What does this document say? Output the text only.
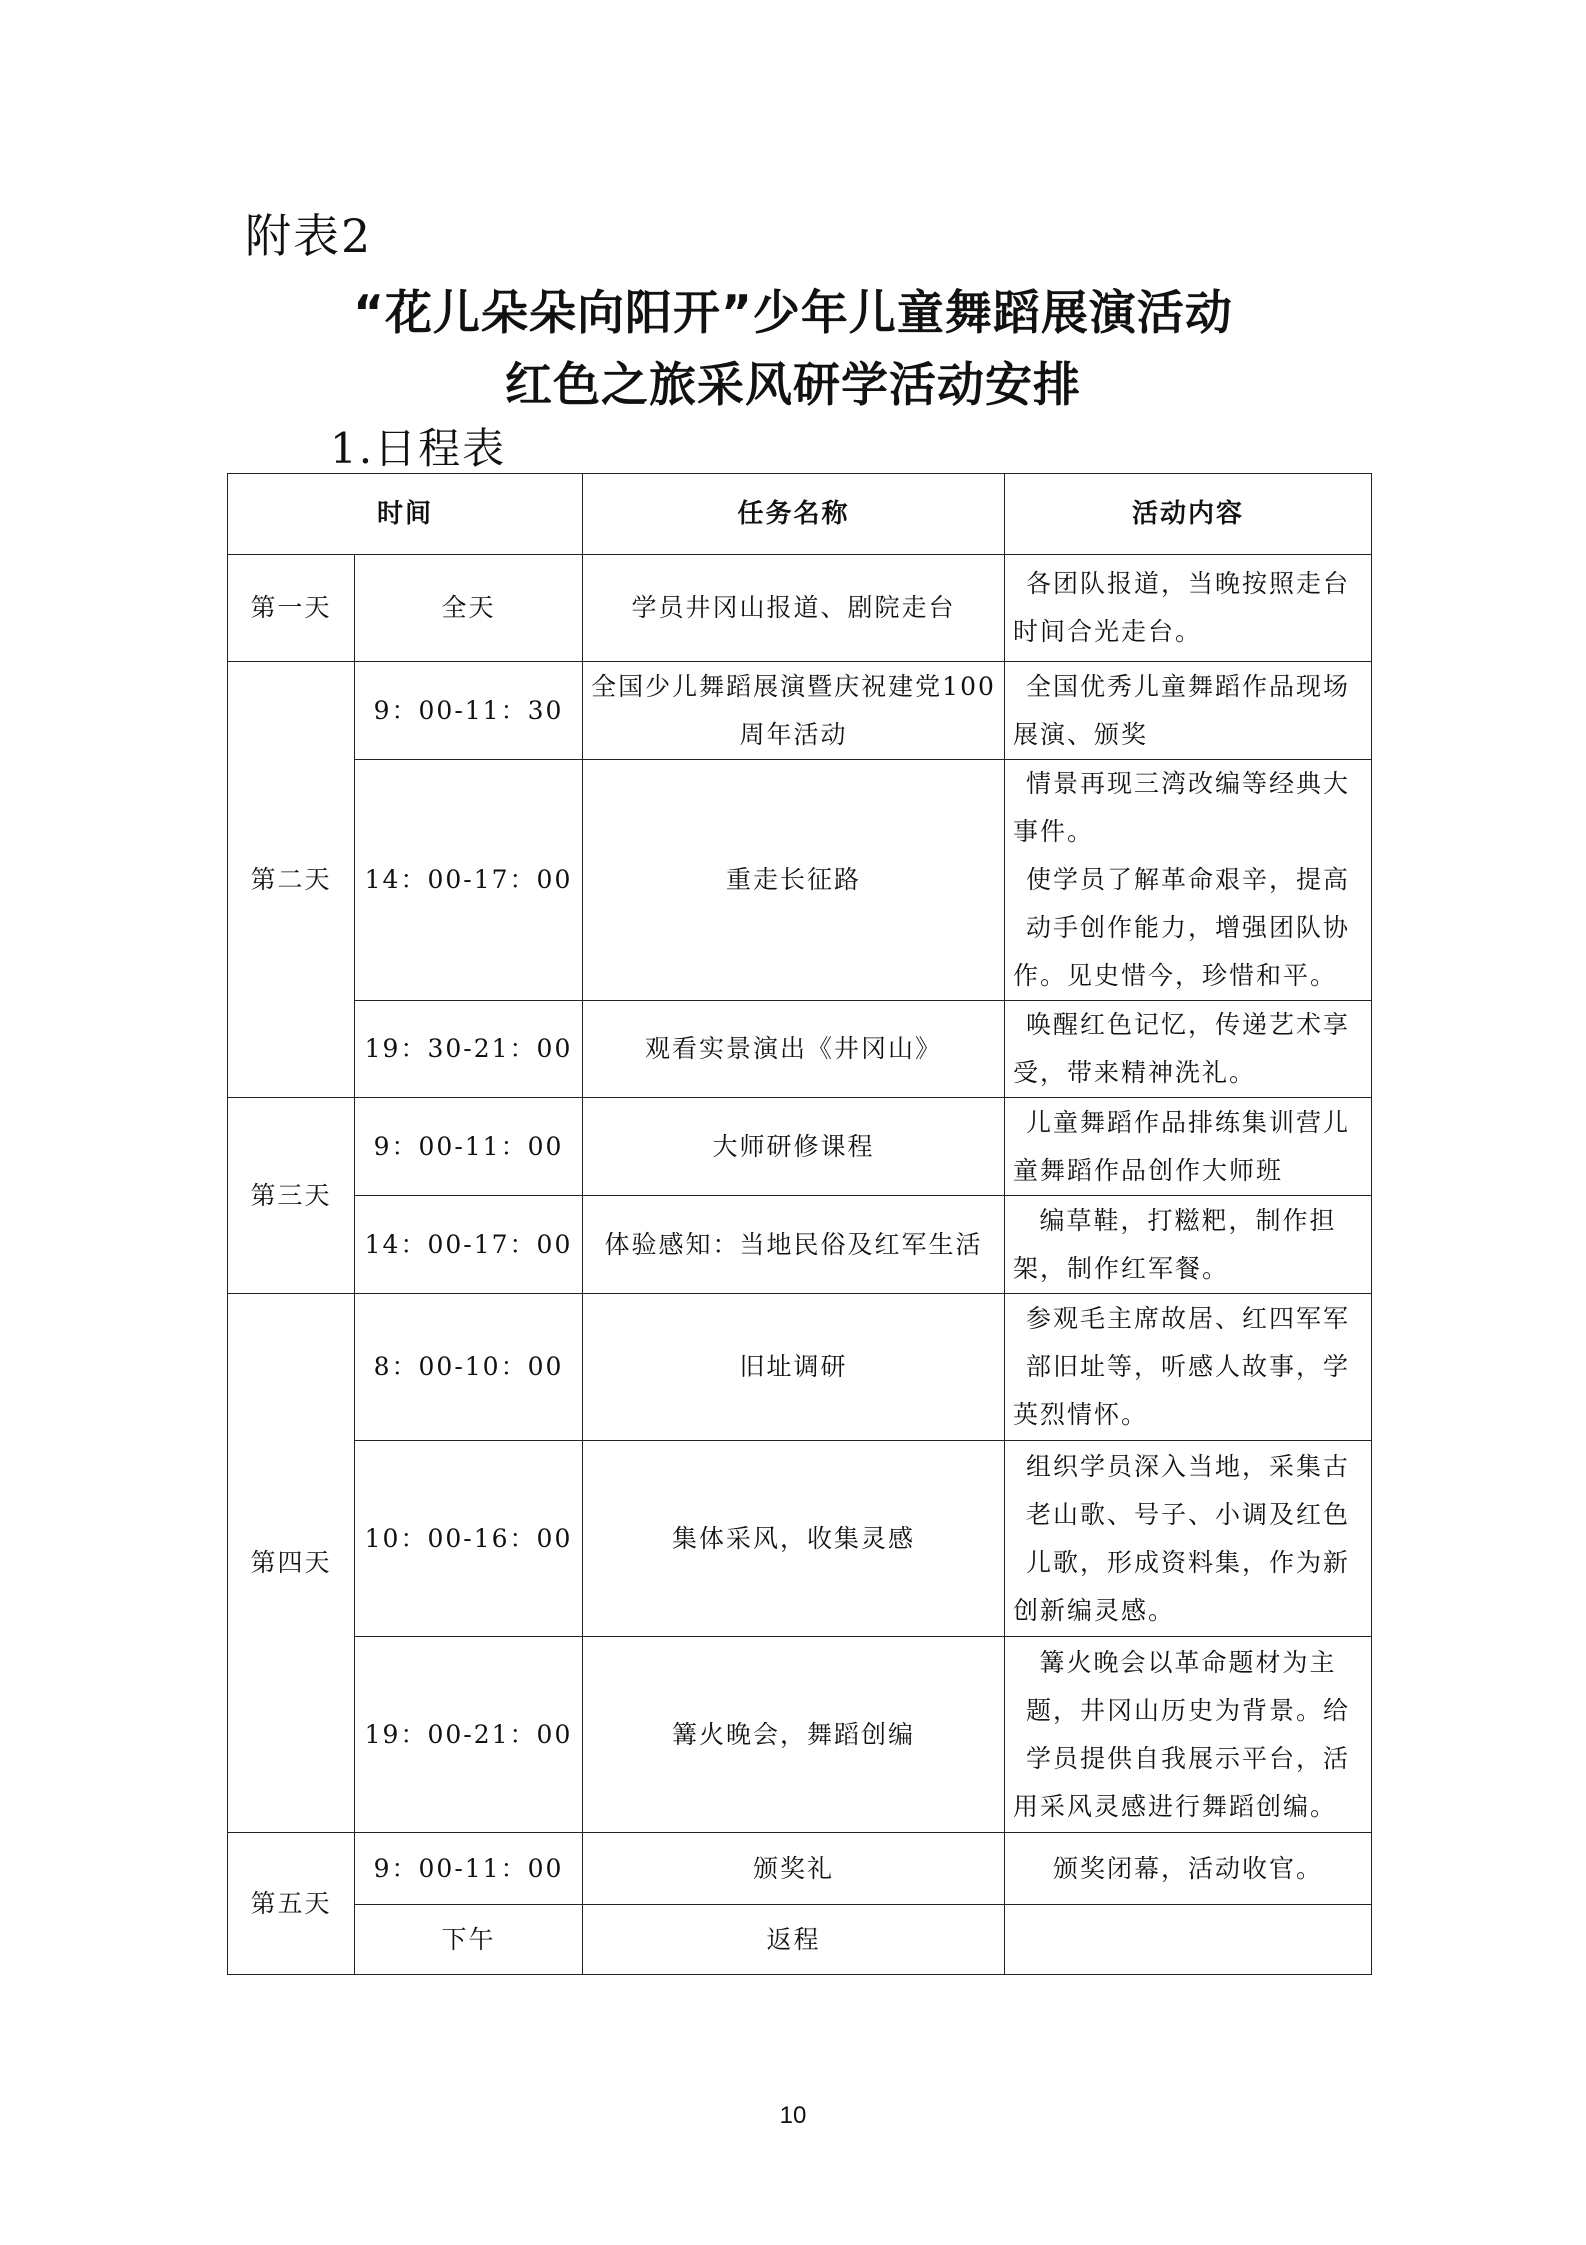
附表2
“花儿朵朵向阳开”少年儿童舞蹈展演活动
红色之旅采风研学活动安排
1.日程表
时间		任务名称	活动内容
第一天	全天	学员井冈山报道、剧院走台	各团队报道，当晚按照走台时间合光走台。
第二天	9：00-11：30	全国少儿舞蹈展演暨庆祝建党100周年活动	全国优秀儿童舞蹈作品现场展演、颁奖
	14：00-17：00	重走长征路	情景再现三湾改编等经典大事件。
使学员了解革命艰辛，提高动手创作能力，增强团队协作。见史惜今，珍惜和平。

	19：30-21：00	观看实景演出《井冈山》	唤醒红色记忆，传递艺术享受，带来精神洗礼。
第三天	9：00-11：00	大师研修课程	儿童舞蹈作品排练集训营儿童舞蹈作品创作大师班
	14：00-17：00	体验感知：当地民俗及红军生活	编草鞋，打糍粑，制作担架，制作红军餐。
第四天	8：00-10：00	旧址调研	参观毛主席故居、红四军军部旧址等，听感人故事，学英烈情怀。
	10：00-16：00	集体采风，收集灵感	组织学员深入当地，采集古老山歌、号子、小调及红色儿歌，形成资料集，作为新创新编灵感。
	19：00-21：00	篝火晚会，舞蹈创编	篝火晚会以革命题材为主题，井冈山历史为背景。给学员提供自我展示平台，活用采风灵感进行舞蹈创编。
第五天	9：00-11：00	颁奖礼	颁奖闭幕，活动收官。
	下午	返程	
10
